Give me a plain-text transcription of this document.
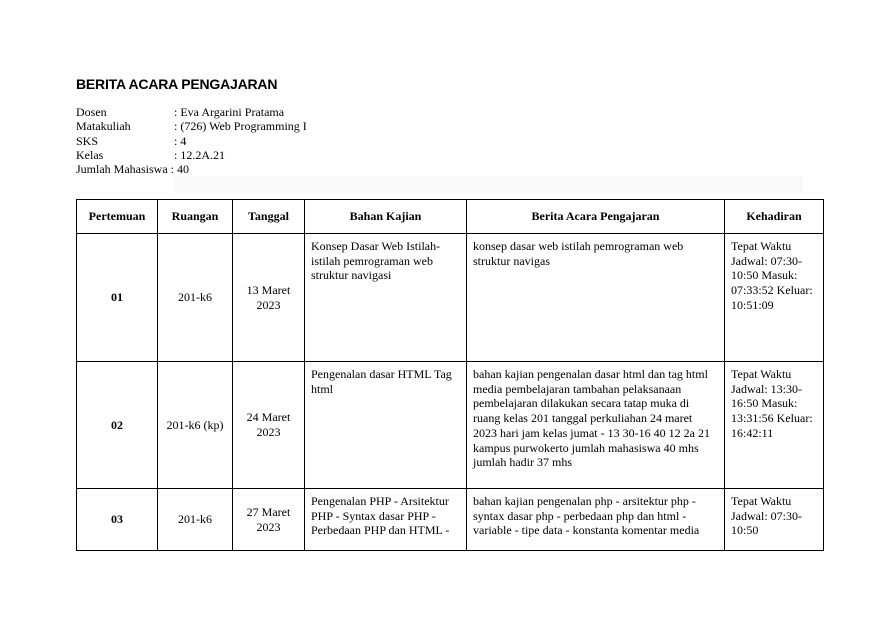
BERITA ACARA PENGAJARAN
Dosen	: Eva Argarini Pratama
Matakuliah	: (726) Web Programming I
SKS	: 4
Kelas	: 12.2A.21
Jumlah Mahasiswa : 40
Pertemuan	Ruangan	Tanggal	Bahan Kajian	Berita Acara Pengajaran	Kehadiran
01	201-k6	13 Maret 2023	Konsep Dasar Web Istilah-istilah pemrograman web struktur navigasi	konsep dasar web istilah pemrograman web struktur navigas	Tepat Waktu Jadwal: 07:30-10:50 Masuk: 07:33:52 Keluar: 10:51:09
02	201-k6 (kp)	24 Maret 2023	Pengenalan dasar HTML Tag html	bahan kajian pengenalan dasar html dan tag html media pembelajaran tambahan pelaksanaan pembelajaran dilakukan secara tatap muka di ruang kelas 201 tanggal perkuliahan 24 maret 2023 hari jam kelas jumat - 13 30-16 40 12 2a 21 kampus purwokerto jumlah mahasiswa 40 mhs jumlah hadir 37 mhs	Tepat Waktu Jadwal: 13:30-16:50 Masuk: 13:31:56 Keluar: 16:42:11
03	201-k6	27 Maret 2023	Pengenalan PHP - Arsitektur PHP - Syntax dasar PHP - Perbedaan PHP dan HTML -	bahan kajian pengenalan php - arsitektur php - syntax dasar php - perbedaan php dan html - variable - tipe data - konstanta komentar media	Tepat Waktu Jadwal: 07:30-10:50
